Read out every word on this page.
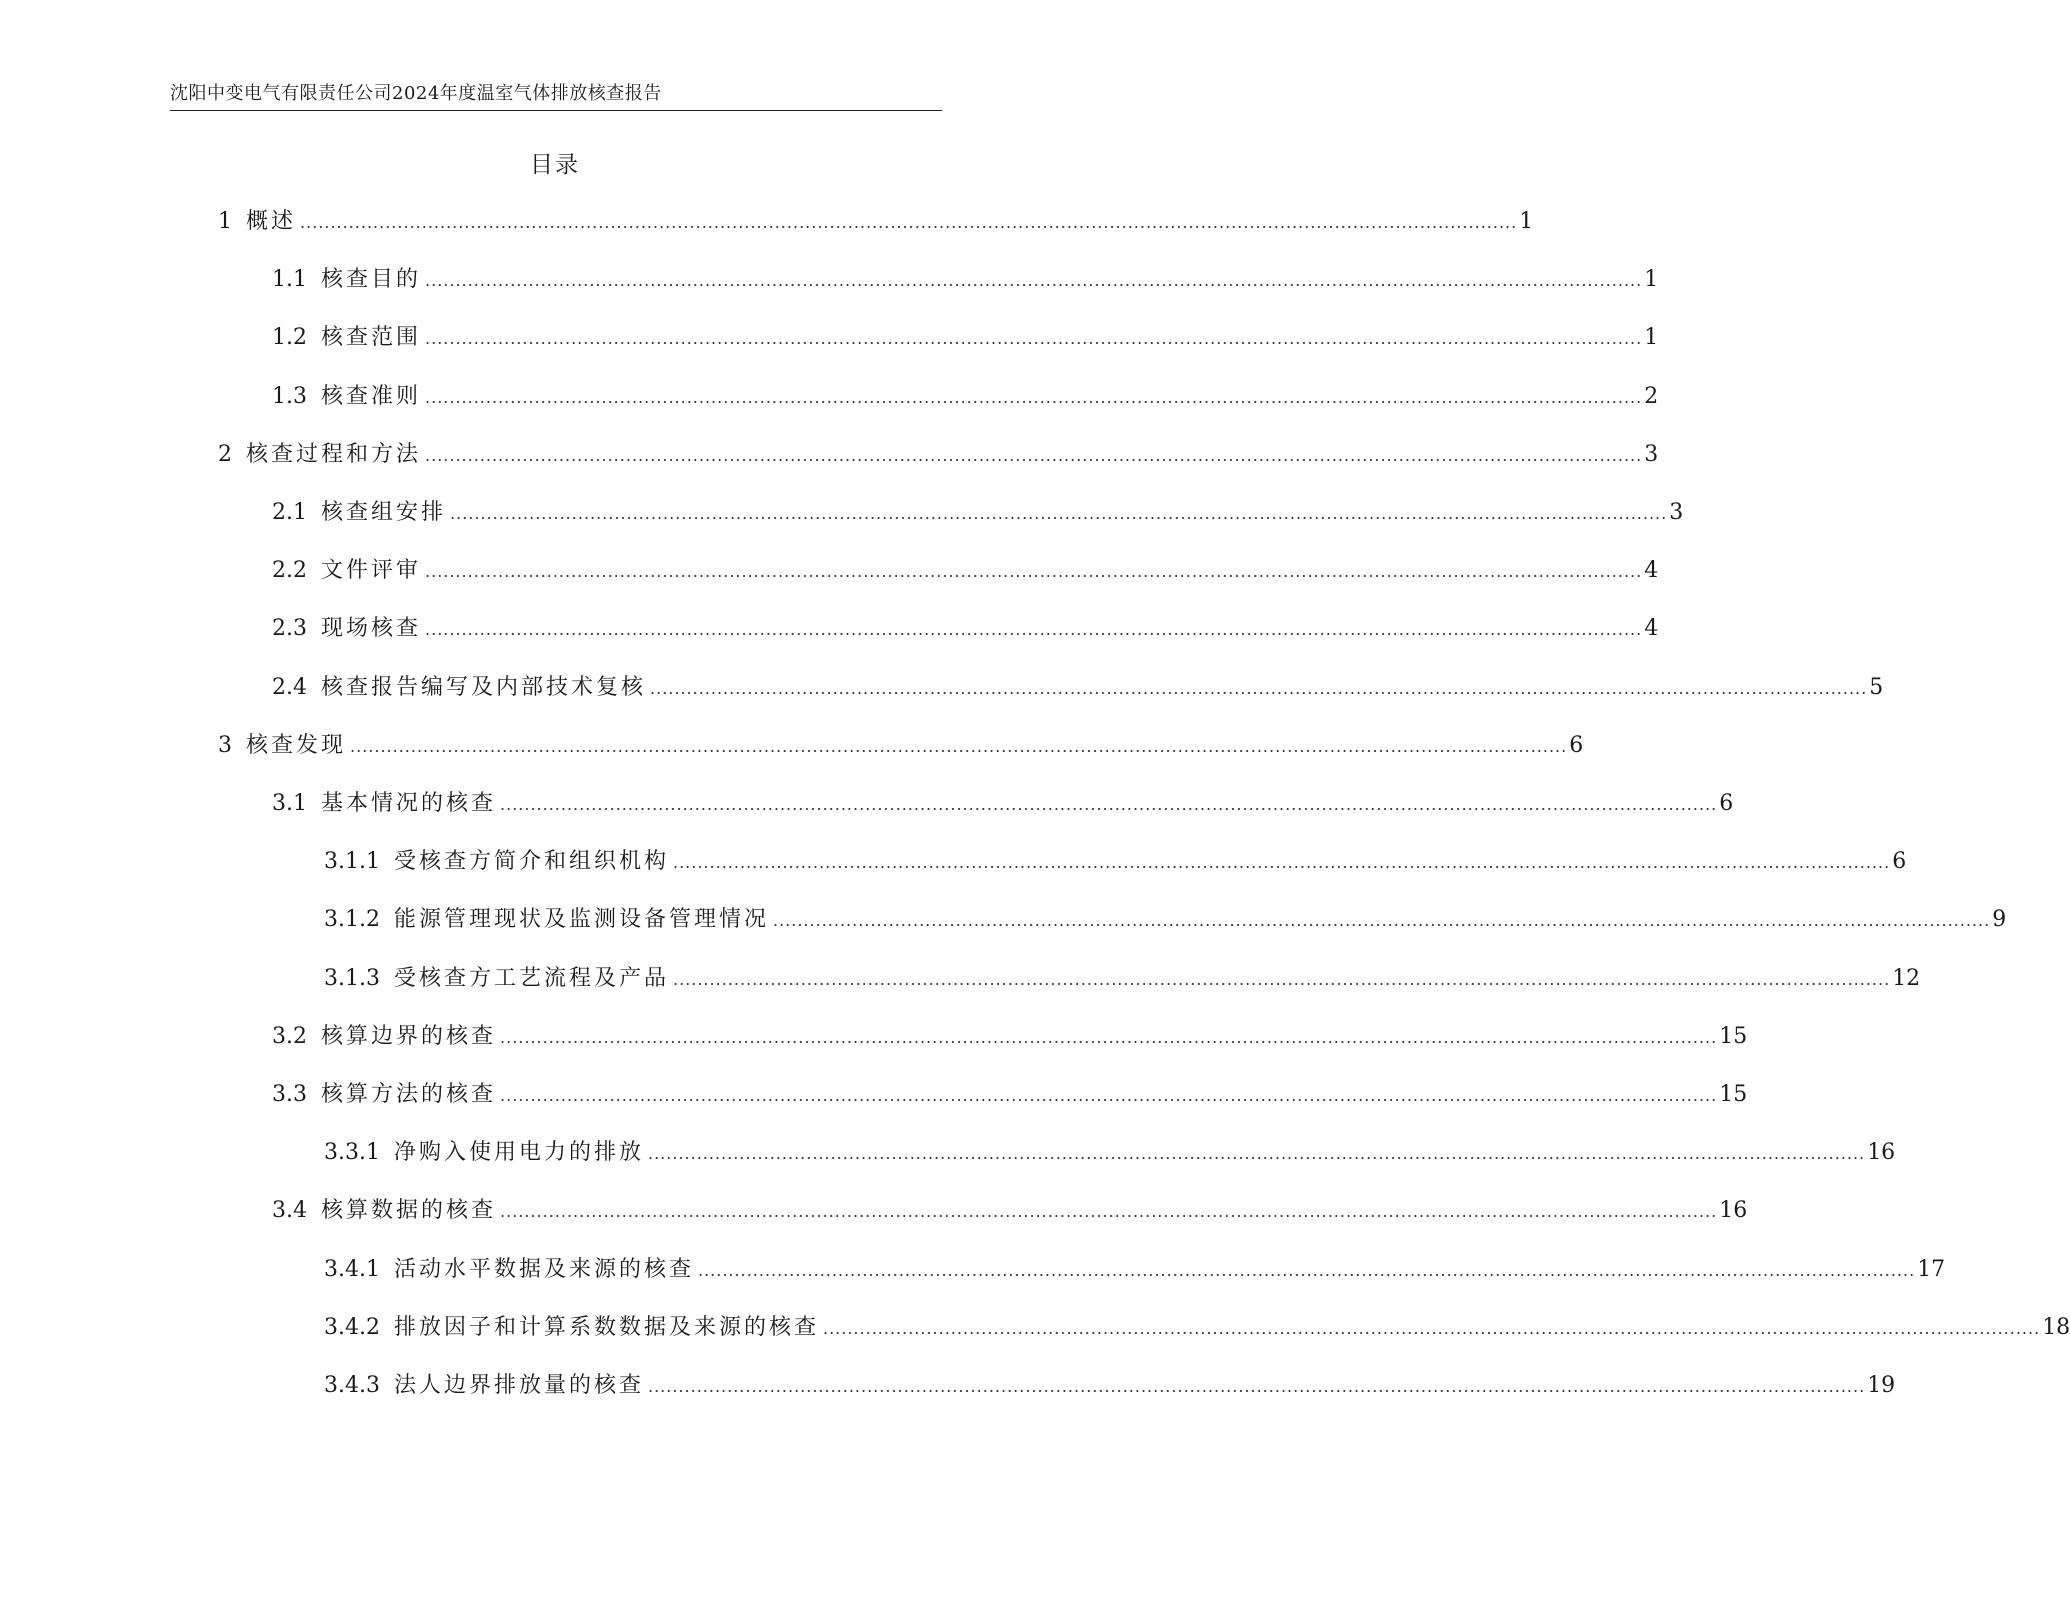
沈阳中变电气有限责任公司2024年度温室气体排放核查报告
目录
1 概述 ........................................................................................................................................................................................................ 1
1.1 核查目的 ........................................................................................................................................................................................................ 1
1.2 核查范围 ........................................................................................................................................................................................................ 1
1.3 核查准则 ........................................................................................................................................................................................................ 2
2 核查过程和方法 ........................................................................................................................................................................................................ 3
2.1 核查组安排 ........................................................................................................................................................................................................ 3
2.2 文件评审 ........................................................................................................................................................................................................ 4
2.3 现场核查 ........................................................................................................................................................................................................ 4
2.4 核查报告编写及内部技术复核 ........................................................................................................................................................................................................ 5
3 核查发现 ........................................................................................................................................................................................................ 6
3.1 基本情况的核查 ........................................................................................................................................................................................................ 6
3.1.1 受核查方简介和组织机构 ........................................................................................................................................................................................................ 6
3.1.2 能源管理现状及监测设备管理情况 ........................................................................................................................................................................................................ 9
3.1.3 受核查方工艺流程及产品 ........................................................................................................................................................................................................ 12
3.2 核算边界的核查 ........................................................................................................................................................................................................ 15
3.3 核算方法的核查 ........................................................................................................................................................................................................ 15
3.3.1 净购入使用电力的排放 ........................................................................................................................................................................................................ 16
3.4 核算数据的核查 ........................................................................................................................................................................................................ 16
3.4.1 活动水平数据及来源的核查 ........................................................................................................................................................................................................ 17
3.4.2 排放因子和计算系数数据及来源的核查 ........................................................................................................................................................................................................ 18
3.4.3 法人边界排放量的核查 ........................................................................................................................................................................................................ 19
